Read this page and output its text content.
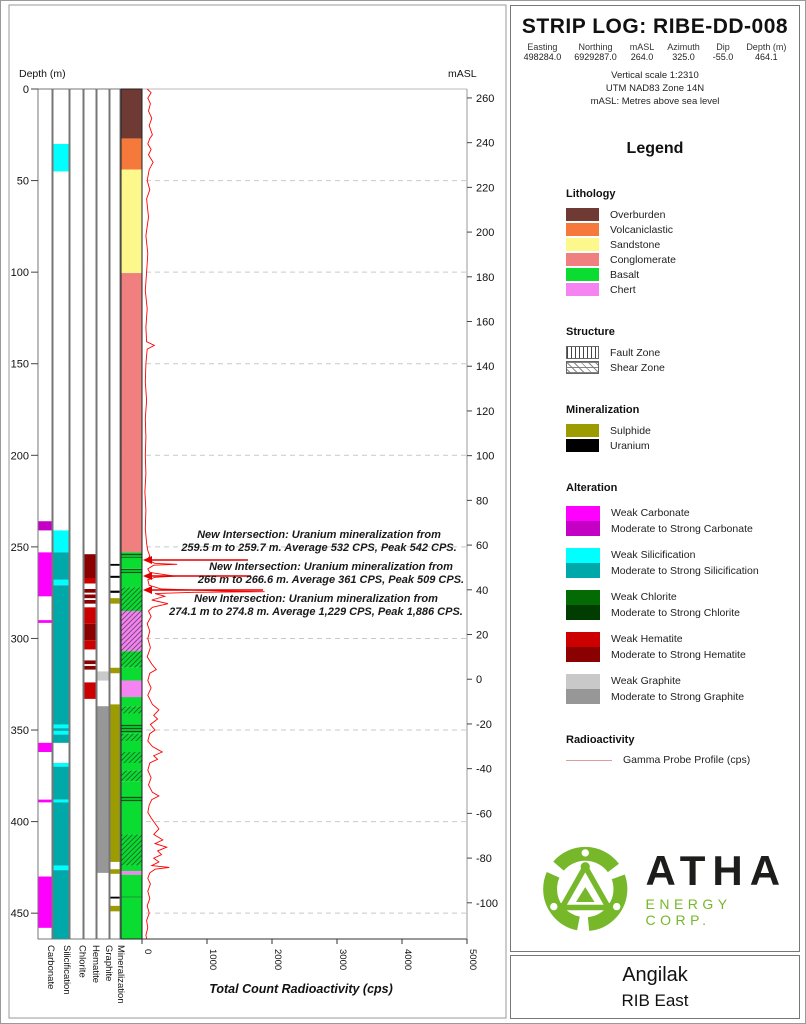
0
50
100
150
200
250
300
350
400
450
Depth (m)
260
240
220
200
180
160
140
120
100
80
60
40
20
0
-20
-40
-60
-80
-100
mASL
0	1000	2000	3000	4000	5000
Total Count Radioactivity (cps)
Carbonate Silicification Chlorite Hematite Graphite Mineralization
New Intersection: Uranium mineralization from
259.5 m to 259.7 m. Average 532 CPS, Peak 542 CPS.
New Intersection: Uranium mineralization from
266 m to 266.6 m. Average 361 CPS, Peak 509 CPS.
New Intersection: Uranium mineralization from
274.1 m to 274.8 m. Average 1,229 CPS, Peak 1,886 CPS.
STRIP LOG: RIBE-DD-008
Easting
498284.0
Northing
6929287.0
mASL
264.0
Azimuth
325.0
Dip
-55.0
Depth (m)
464.1
Vertical scale 1:2310
UTM NAD83 Zone 14N
mASL: Metres above sea level
Legend
Lithology
Overburden
Volcaniclastic
Sandstone
Conglomerate
Basalt
Chert
Structure
Fault Zone
Shear Zone
Mineralization
Sulphide
Uranium
Alteration
Weak Carbonate
Moderate to Strong Carbonate
Weak Silicification
Moderate to Strong Silicification
Weak Chlorite
Moderate to Strong Chlorite
Weak Hematite
Moderate to Strong Hematite
Weak Graphite
Moderate to Strong Graphite
Radioactivity
Gamma Probe Profile (cps)
ATHA
ENERGY CORP.
Angilak
RIB East
